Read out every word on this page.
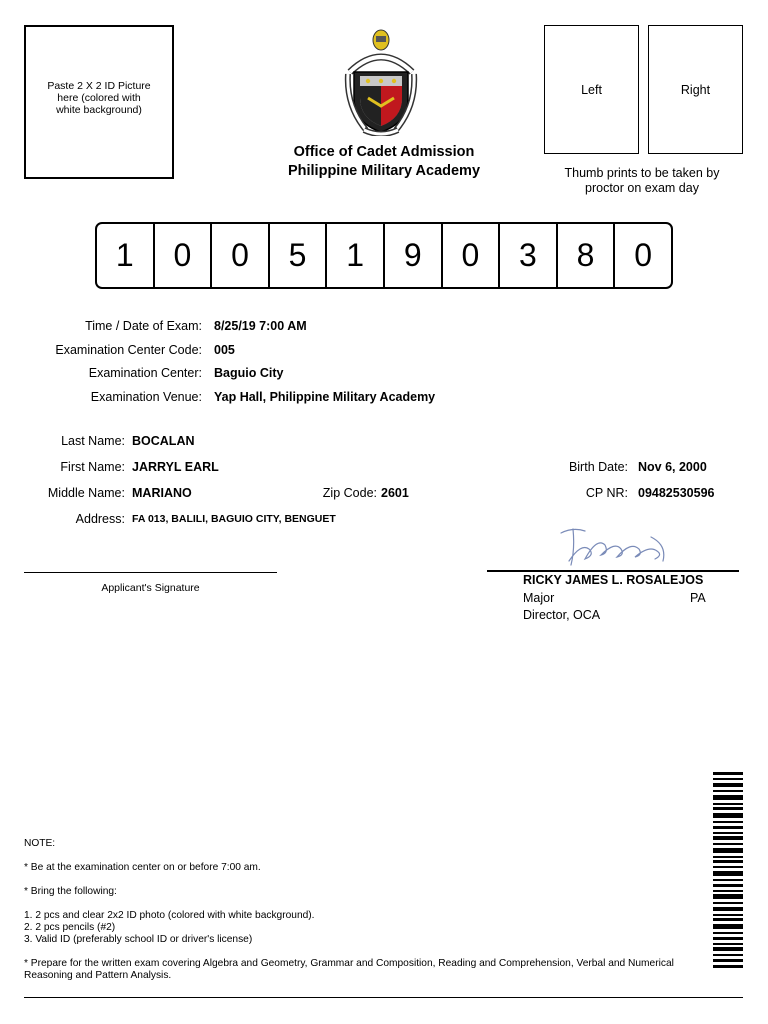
Paste 2 X 2 ID Picture here (colored with white background)
Office of Cadet Admission
Philippine Military Academy
Left	Right
Thumb prints to be taken by proctor on exam day
1	0	0	5	1	9	0	3	8	0
Time / Date of Exam: 8/25/19 7:00 AM
Examination Center Code: 005
Examination Center: Baguio City
Examination Venue: Yap Hall, Philippine Military Academy
Last Name: BOCALAN
First Name: JARRYL EARL
Middle Name: MARIANO	Zip Code: 2601
Birth Date: Nov 6, 2000
CP NR: 09482530596
Address: FA 013, BALILI, BAGUIO CITY, BENGUET
Applicant's Signature
RICKY JAMES L. ROSALEJOS
Major	PA
Director, OCA
NOTE:
* Be at the examination center on or before 7:00 am.
* Bring the following:
1. 2 pcs and clear 2x2 ID photo (colored with white background).
2. 2 pcs pencils (#2)
3. Valid ID (preferably school ID or driver's license)
* Prepare for the written exam covering Algebra and Geometry, Grammar and Composition, Reading and Comprehension, Verbal and Numerical Reasoning and Pattern Analysis.
